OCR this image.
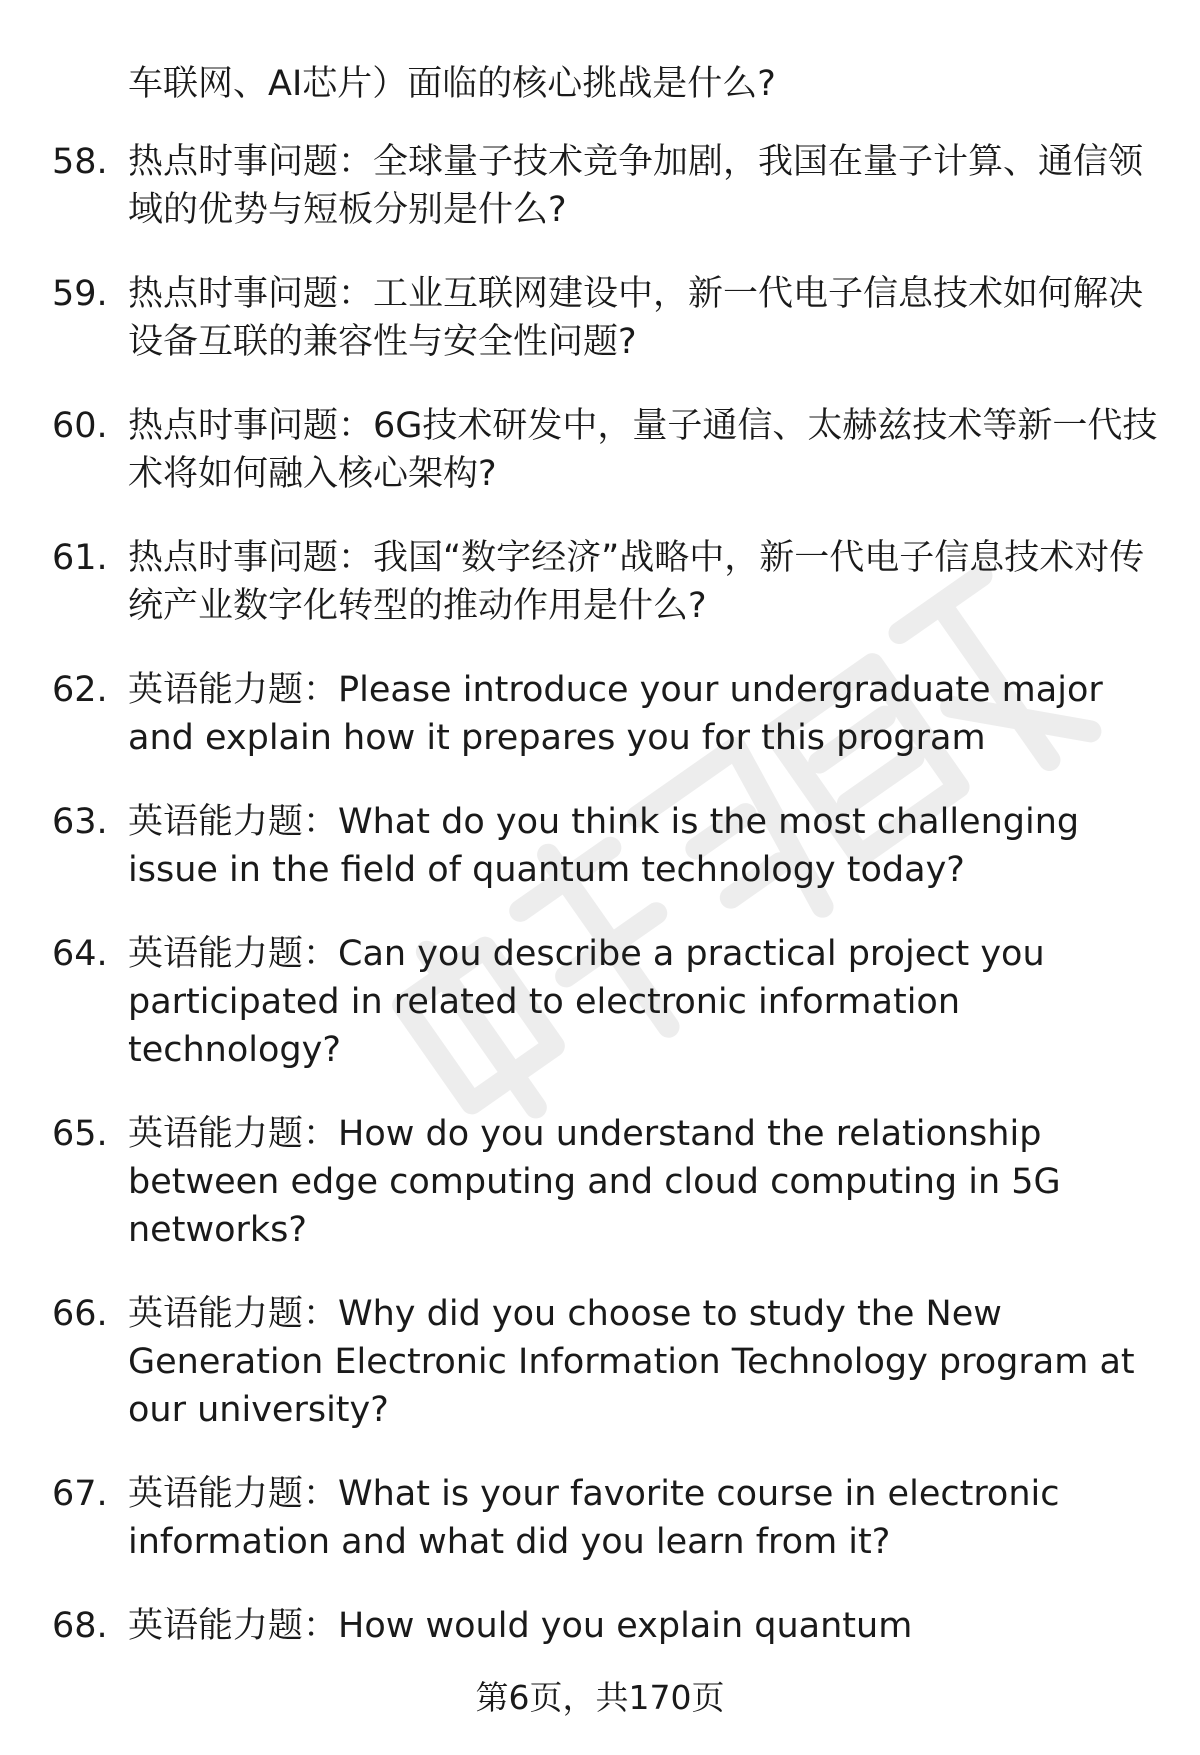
车联网、AI芯片）面临的核心挑战是什么?
58. 热点时事问题：全球量子技术竞争加剧，我国在量子计算、通信领域的优势与短板分别是什么?
59. 热点时事问题：工业互联网建设中，新一代电子信息技术如何解决设备互联的兼容性与安全性问题?
60. 热点时事问题：6G技术研发中，量子通信、太赫兹技术等新一代技术将如何融入核心架构?
61. 热点时事问题：我国“数字经济”战略中，新一代电子信息技术对传统产业数字化转型的推动作用是什么?
62. 英语能力题：Please introduce your undergraduate major and explain how it prepares you for this program
63. 英语能力题：What do you think is the most challenging issue in the field of quantum technology today?
64. 英语能力题：Can you describe a practical project you participated in related to electronic information technology?
65. 英语能力题：How do you understand the relationship between edge computing and cloud computing in 5G networks?
66. 英语能力题：Why did you choose to study the New Generation Electronic Information Technology program at our university?
67. 英语能力题：What is your favorite course in electronic information and what did you learn from it?
68. 英语能力题：How would you explain quantum
第6页，共170页
